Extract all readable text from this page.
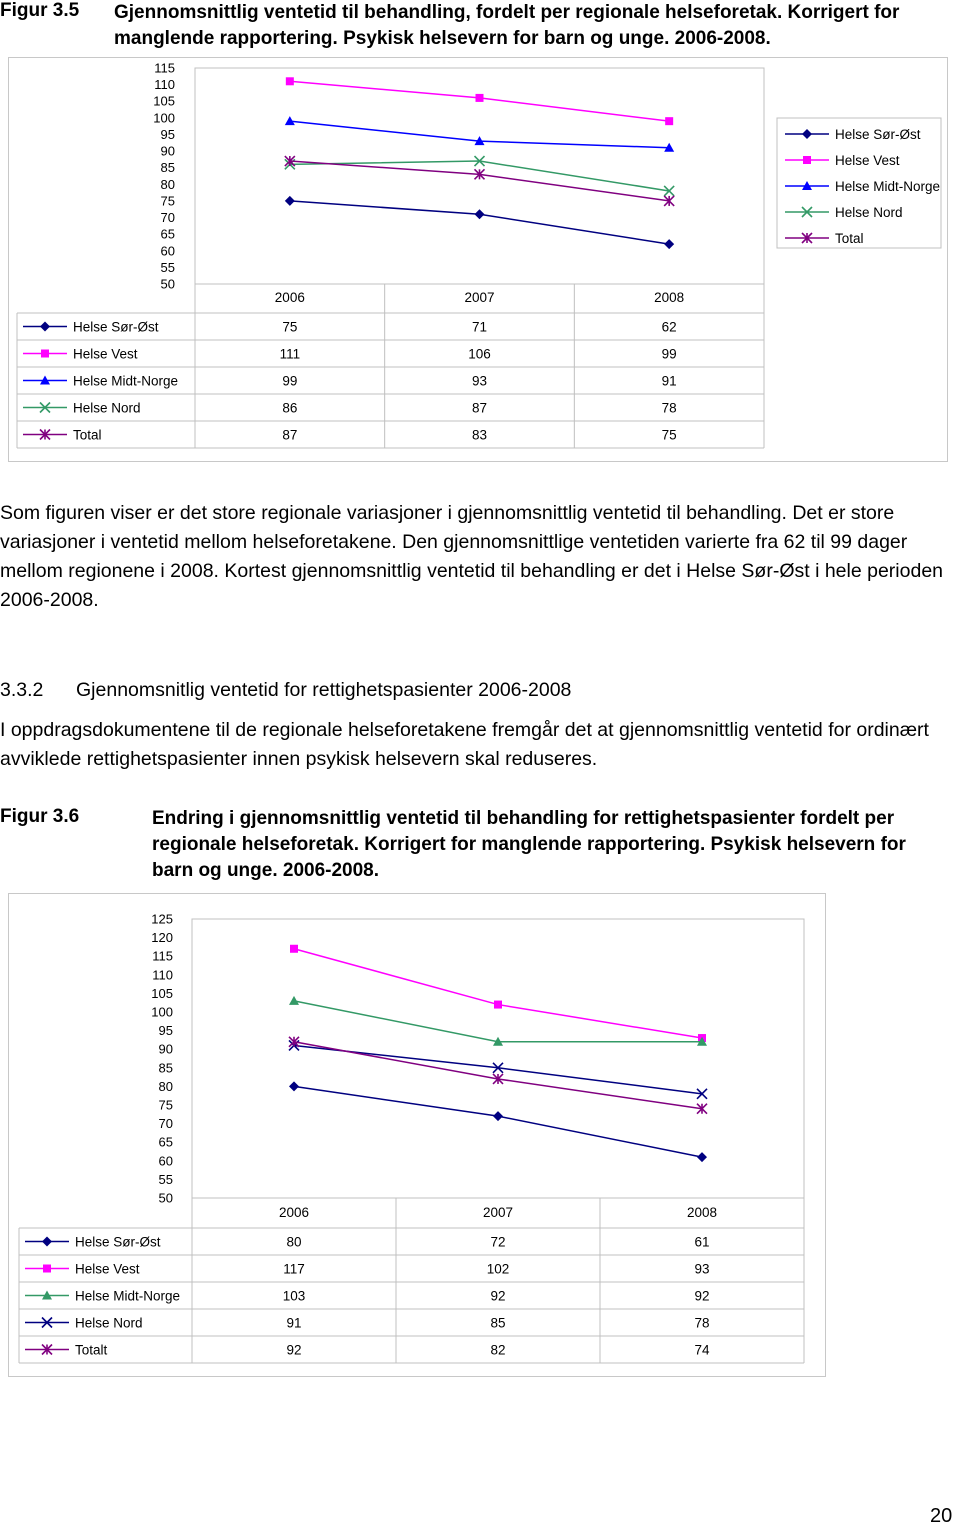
Figur 3.5 Gjennomsnittlig ventetid til behandling, fordelt per regionale helseforetak. Korrigert for manglende rapportering. Psykisk helsevern for barn og unge. 2006-2008.
50
55
60
65
70
75
80
85
90
95
100
105
110
115
2006	2007	2008
Helse Sør-Øst	75	71	62
Helse Vest	111	106	99
Helse Midt-Norge	99	93	91
Helse Nord	86	87	78
Total	87	83	75
Helse Sør-Øst
Helse Vest
Helse Midt-Norge
Helse Nord
Total
Som figuren viser er det store regionale variasjoner i gjennomsnittlig ventetid til behandling. Det er store variasjoner i ventetid mellom helseforetakene. Den gjennomsnittlige ventetiden varierte fra 62 til 99 dager mellom regionene i 2008. Kortest gjennomsnittlig ventetid til behandling er det i Helse Sør-Øst i hele perioden 2006-2008.
3.3.2 Gjennomsnitlig ventetid for rettighetspasienter 2006-2008
I oppdragsdokumentene til de regionale helseforetakene fremgår det at gjennomsnittlig ventetid for ordinært avviklede rettighetspasienter innen psykisk helsevern skal reduseres.
Figur 3.6	Endring i gjennomsnittlig ventetid til behandling for rettighetspasienter fordelt per regionale helseforetak. Korrigert for manglende rapportering. Psykisk helsevern for barn og unge. 2006-2008.
50
55
60
65
70
75
80
85
90
95
100
105
110
115
120
125
2006	2007	2008
Helse Sør-Øst	80	72	61
Helse Vest	117	102	93
Helse Midt-Norge	103	92	92
Helse Nord	91	85	78
Totalt	92	82	74
20
